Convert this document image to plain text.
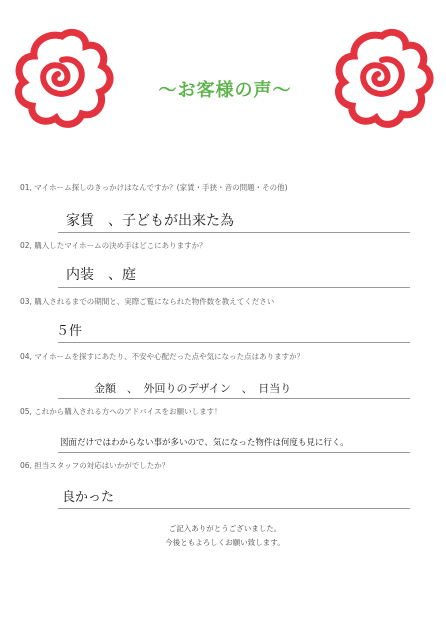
～お客様の声～
01, マイホーム探しのきっかけはなんですか？(家賃・手狭・音の問題・その他)
家賃　、子どもが出来た為
02, 購入したマイホームの決め手はどこにありますか？
内装　、庭
03, 購入されるまでの期間と、実際ご覧になられた物件数を教えてください
５件
04, マイホームを探すにあたり、不安や心配だった点や気になった点はありますか？
金額　、　外回りのデザイン　、　日当り
05, これから購入される方へのアドバイスをお願いします！
図面だけではわからない事が多いので、気になった物件は何度も見に行く。
06, 担当スタッフの対応はいかがでしたか？
良かった
ご記入ありがとうございました。
今後ともよろしくお願い致します。
